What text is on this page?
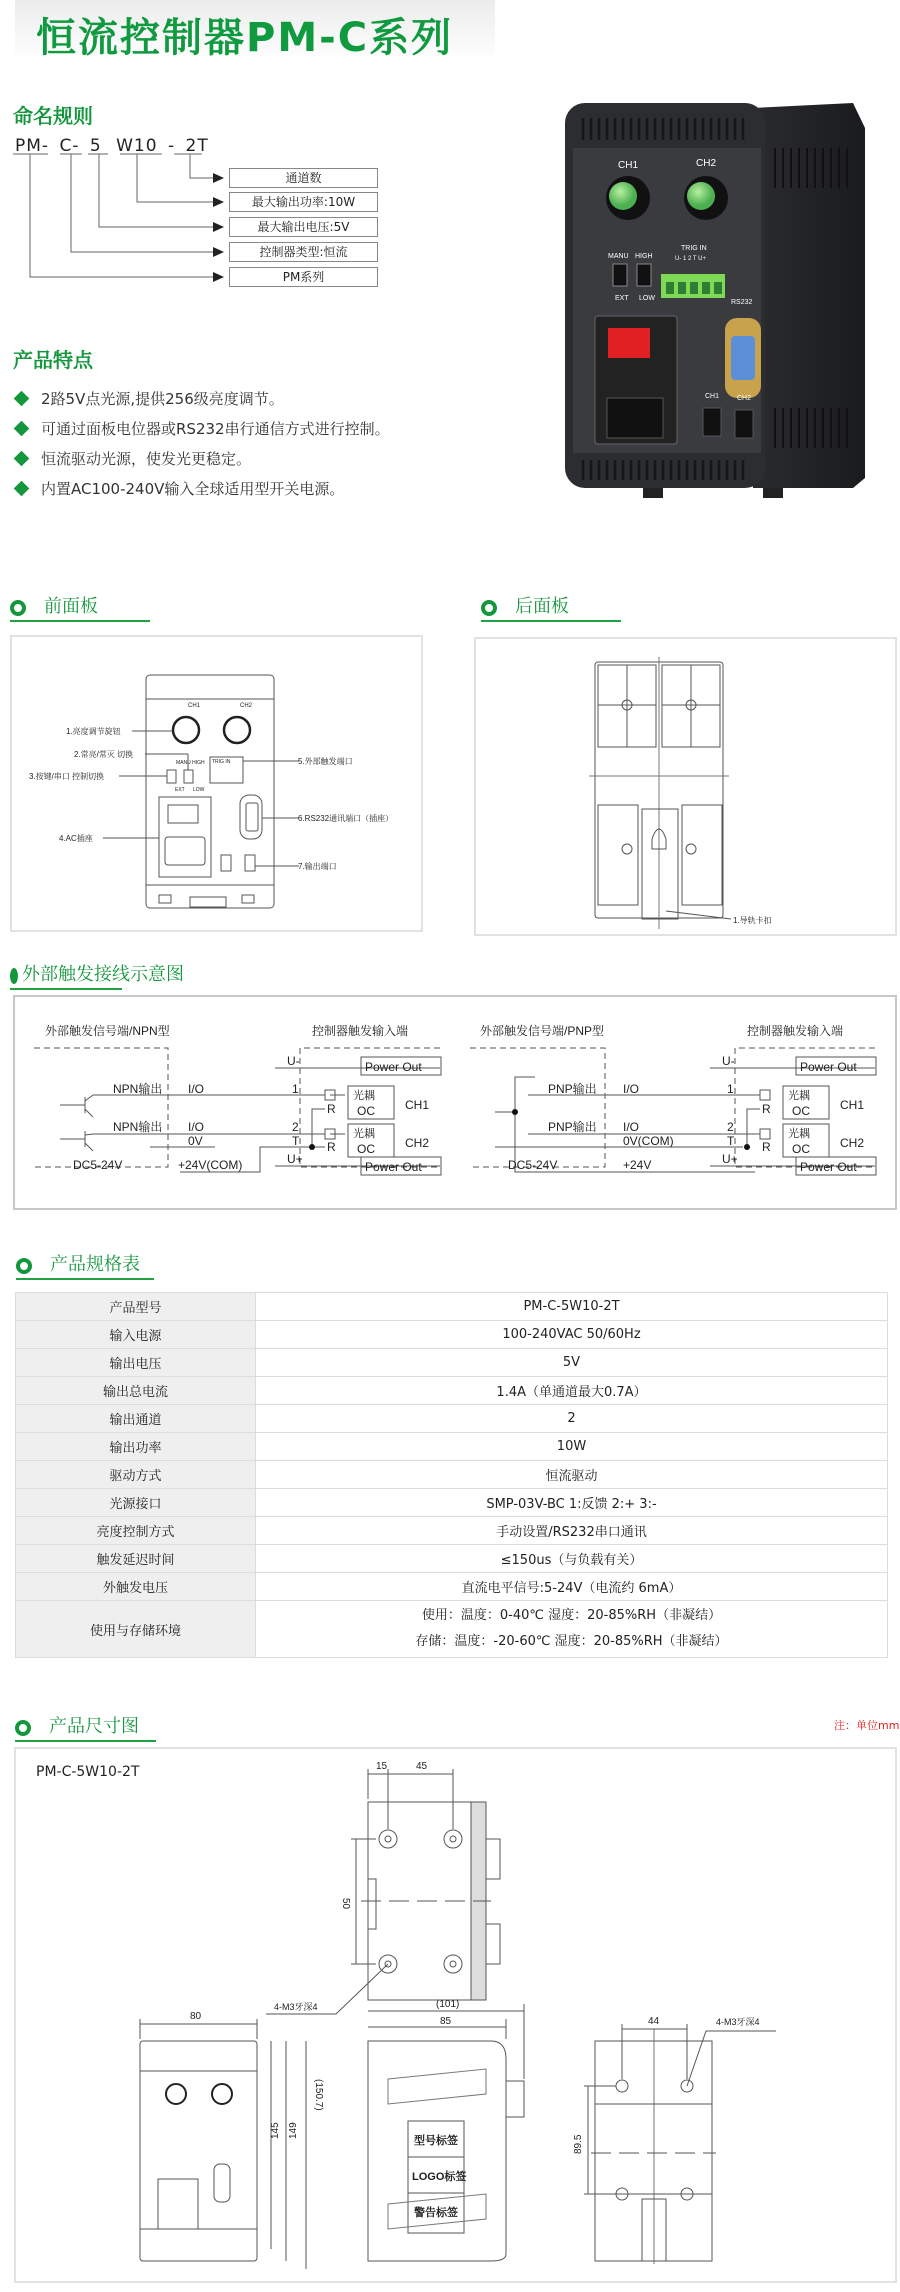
恒流控制器PM-C系列
命名规则
PM- C- 5 W10 - 2T
通道数
最大输出功率:10W
最大输出电压:5V
控制器类型:恒流
PM系列
产品特点
2路5V点光源,提供256级亮度调节。
可通过面板电位器或RS232串行通信方式进行控制。
恒流驱动光源，使发光更稳定。
内置AC100-240V输入全球适用型开关电源。
CH1	CH2
MANU HIGH
EXT LOW
TRIG IN
U- 1 2 T U+
RS232
CH1	CH2
前面板
CH1	CH2
MANU HIGH TRIG IN
EXT LOW
1.亮度调节旋钮
2.常亮/常灭 切换
3.按键/串口 控制切换
4.AC插座
5.外部触发端口
6.RS232通讯端口（插座）
7.输出端口
后面板
1.导轨卡扣
外部触发接线示意图
外部触发信号端/NPN型	控制器触发输入端
NPN输出
NPN输出
I/O
I/O
0V
+24V(COM)
DC5-24V
U-
1
2
T
U+
Power Out
Power Out
光耦
OC
光耦
OC
R
R
CH1
CH2
外部触发信号端/PNP型	控制器触发输入端
PNP输出
PNP输出
I/O
I/O
0V(COM)
+24V
DC5-24V
U-
1
2
T
U+
Power Out
Power Out
光耦
OC
光耦
OC
R
R
CH1
CH2
产品规格表
产品型号	PM-C-5W10-2T
输入电源	100-240VAC 50/60Hz
输出电压	5V
输出总电流	1.4A（单通道最大0.7A）
输出通道	2
输出功率	10W
驱动方式	恒流驱动
光源接口	SMP-03V-BC 1:反馈 2:+ 3:-
亮度控制方式	手动设置/RS232串口通讯
触发延迟时间	≤150us（与负载有关）
外触发电压	直流电平信号:5-24V（电流约 6mA）
使用与存储环境	使用：温度：0-40℃ 湿度：20-85%RH（非凝结）
存储：温度：-20-60℃ 湿度：20-85%RH（非凝结）
产品尺寸图	注：单位mm
PM-C-5W10-2T	15	45
50
4-M3牙深4
80
145 149
(150.7)
(101)
85
型号标签
LOGO标签
警告标签
44	4-M3牙深4
89.5
